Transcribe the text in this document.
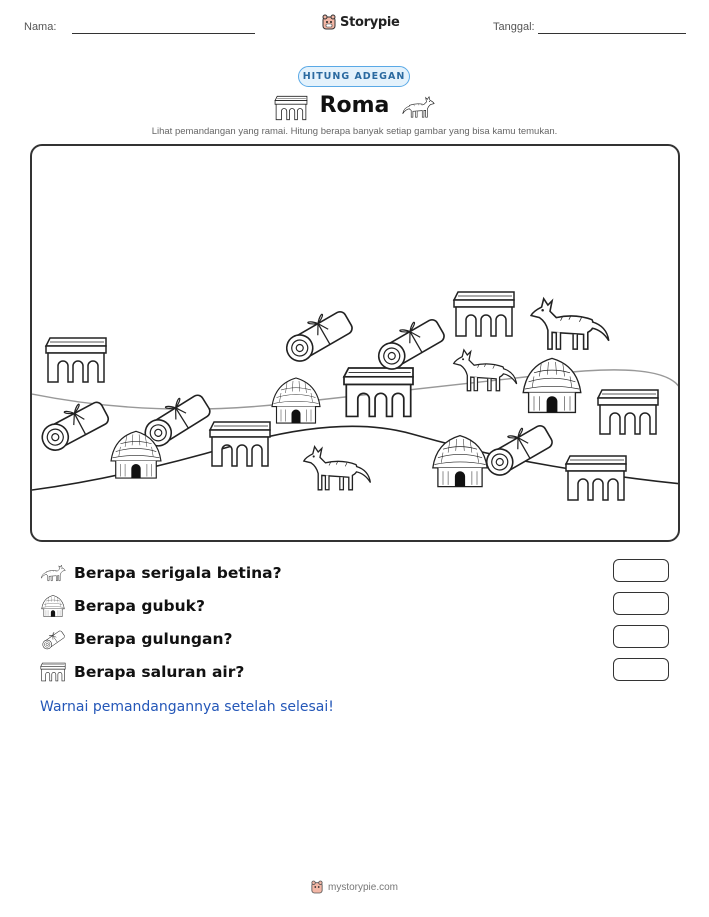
Nama:	Storypie	Tanggal:
HITUNG ADEGAN
Roma
Lihat pemandangan yang ramai. Hitung berapa banyak setiap gambar yang bisa kamu temukan.
Berapa serigala betina?
Berapa gubuk?
Berapa gulungan?
Berapa saluran air?
Warnai pemandangannya setelah selesai!
mystorypie.com
